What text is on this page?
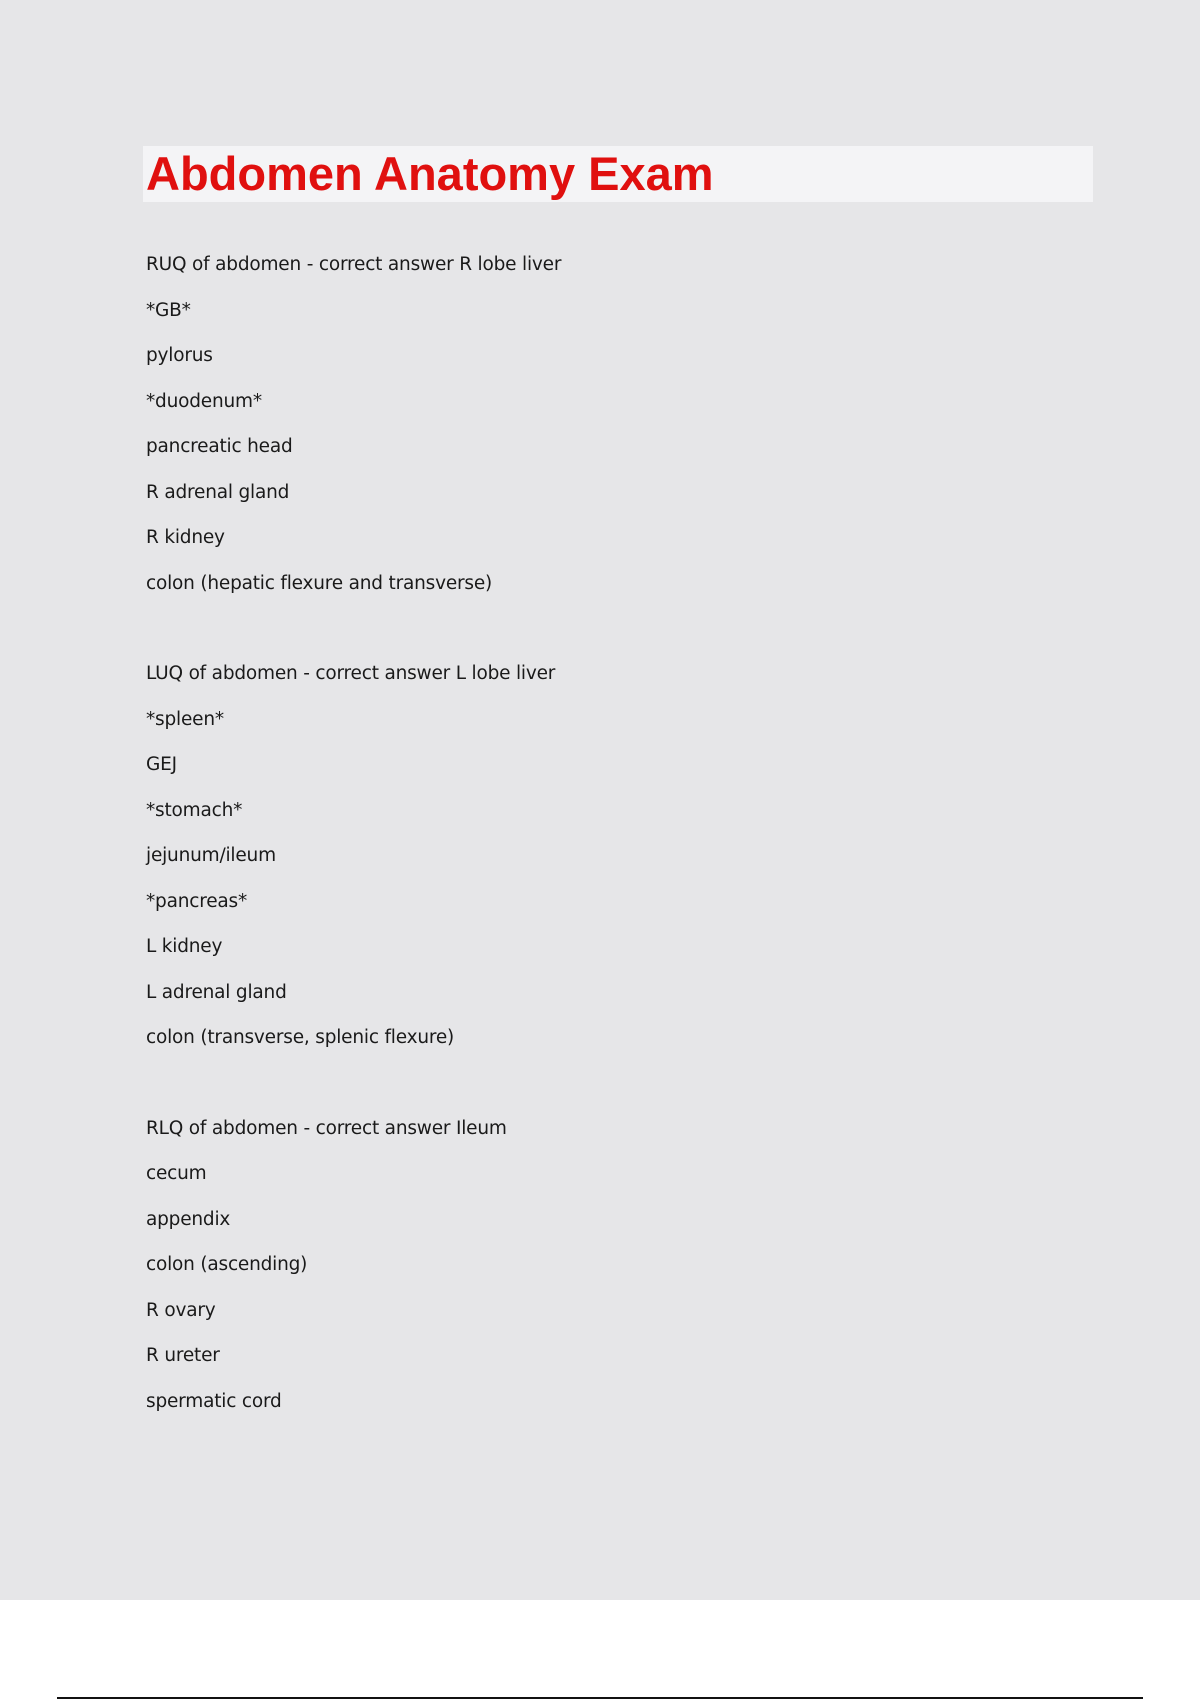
Abdomen Anatomy Exam
RUQ of abdomen - correct answer R lobe liver
*GB*
pylorus
*duodenum*
pancreatic head
R adrenal gland
R kidney
colon (hepatic flexure and transverse)
LUQ of abdomen - correct answer L lobe liver
*spleen*
GEJ
*stomach*
jejunum/ileum
*pancreas*
L kidney
L adrenal gland
colon (transverse, splenic flexure)
RLQ of abdomen - correct answer Ileum
cecum
appendix
colon (ascending)
R ovary
R ureter
spermatic cord
